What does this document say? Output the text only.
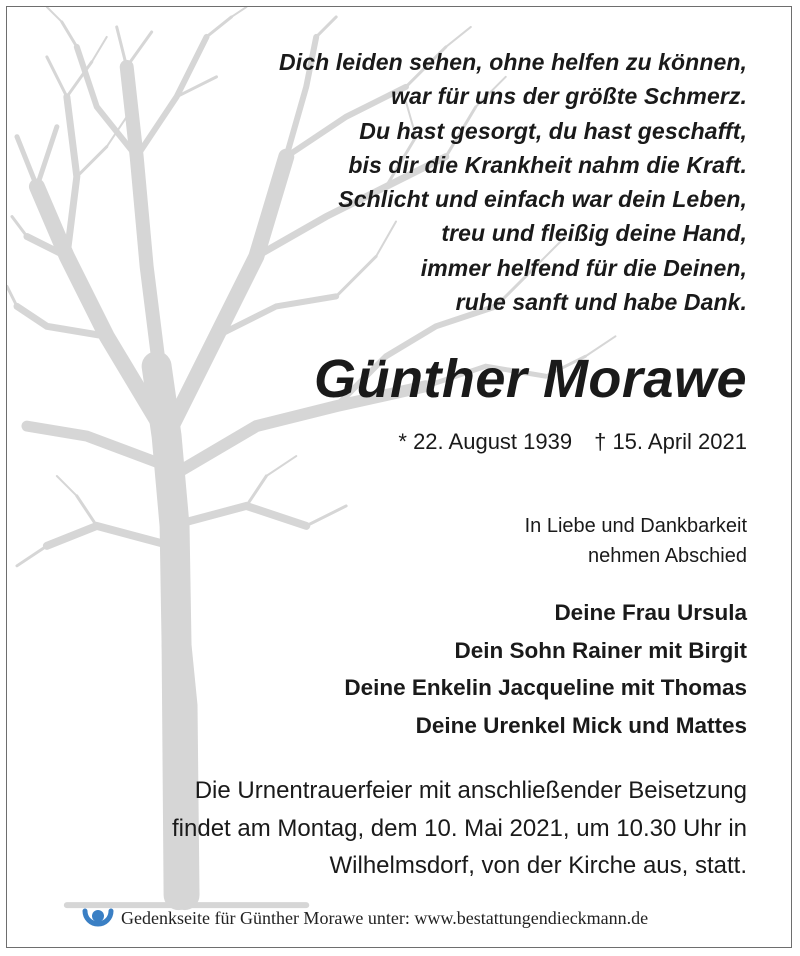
Dich leiden sehen, ohne helfen zu können,
war für uns der größte Schmerz.
Du hast gesorgt, du hast geschafft,
bis dir die Krankheit nahm die Kraft.
Schlicht und einfach war dein Leben,
treu und fleißig deine Hand,
immer helfend für die Deinen,
ruhe sanft und habe Dank.
Günther Morawe
* 22. August 1939 † 15. April 2021
In Liebe und Dankbarkeit
nehmen Abschied
Deine Frau Ursula
Dein Sohn Rainer mit Birgit
Deine Enkelin Jacqueline mit Thomas
Deine Urenkel Mick und Mattes
Die Urnentrauerfeier mit anschließender Beisetzung
findet am Montag, dem 10. Mai 2021, um 10.30 Uhr in
Wilhelmsdorf, von der Kirche aus, statt.
Gedenkseite für Günther Morawe unter: www.bestattungendieckmann.de
